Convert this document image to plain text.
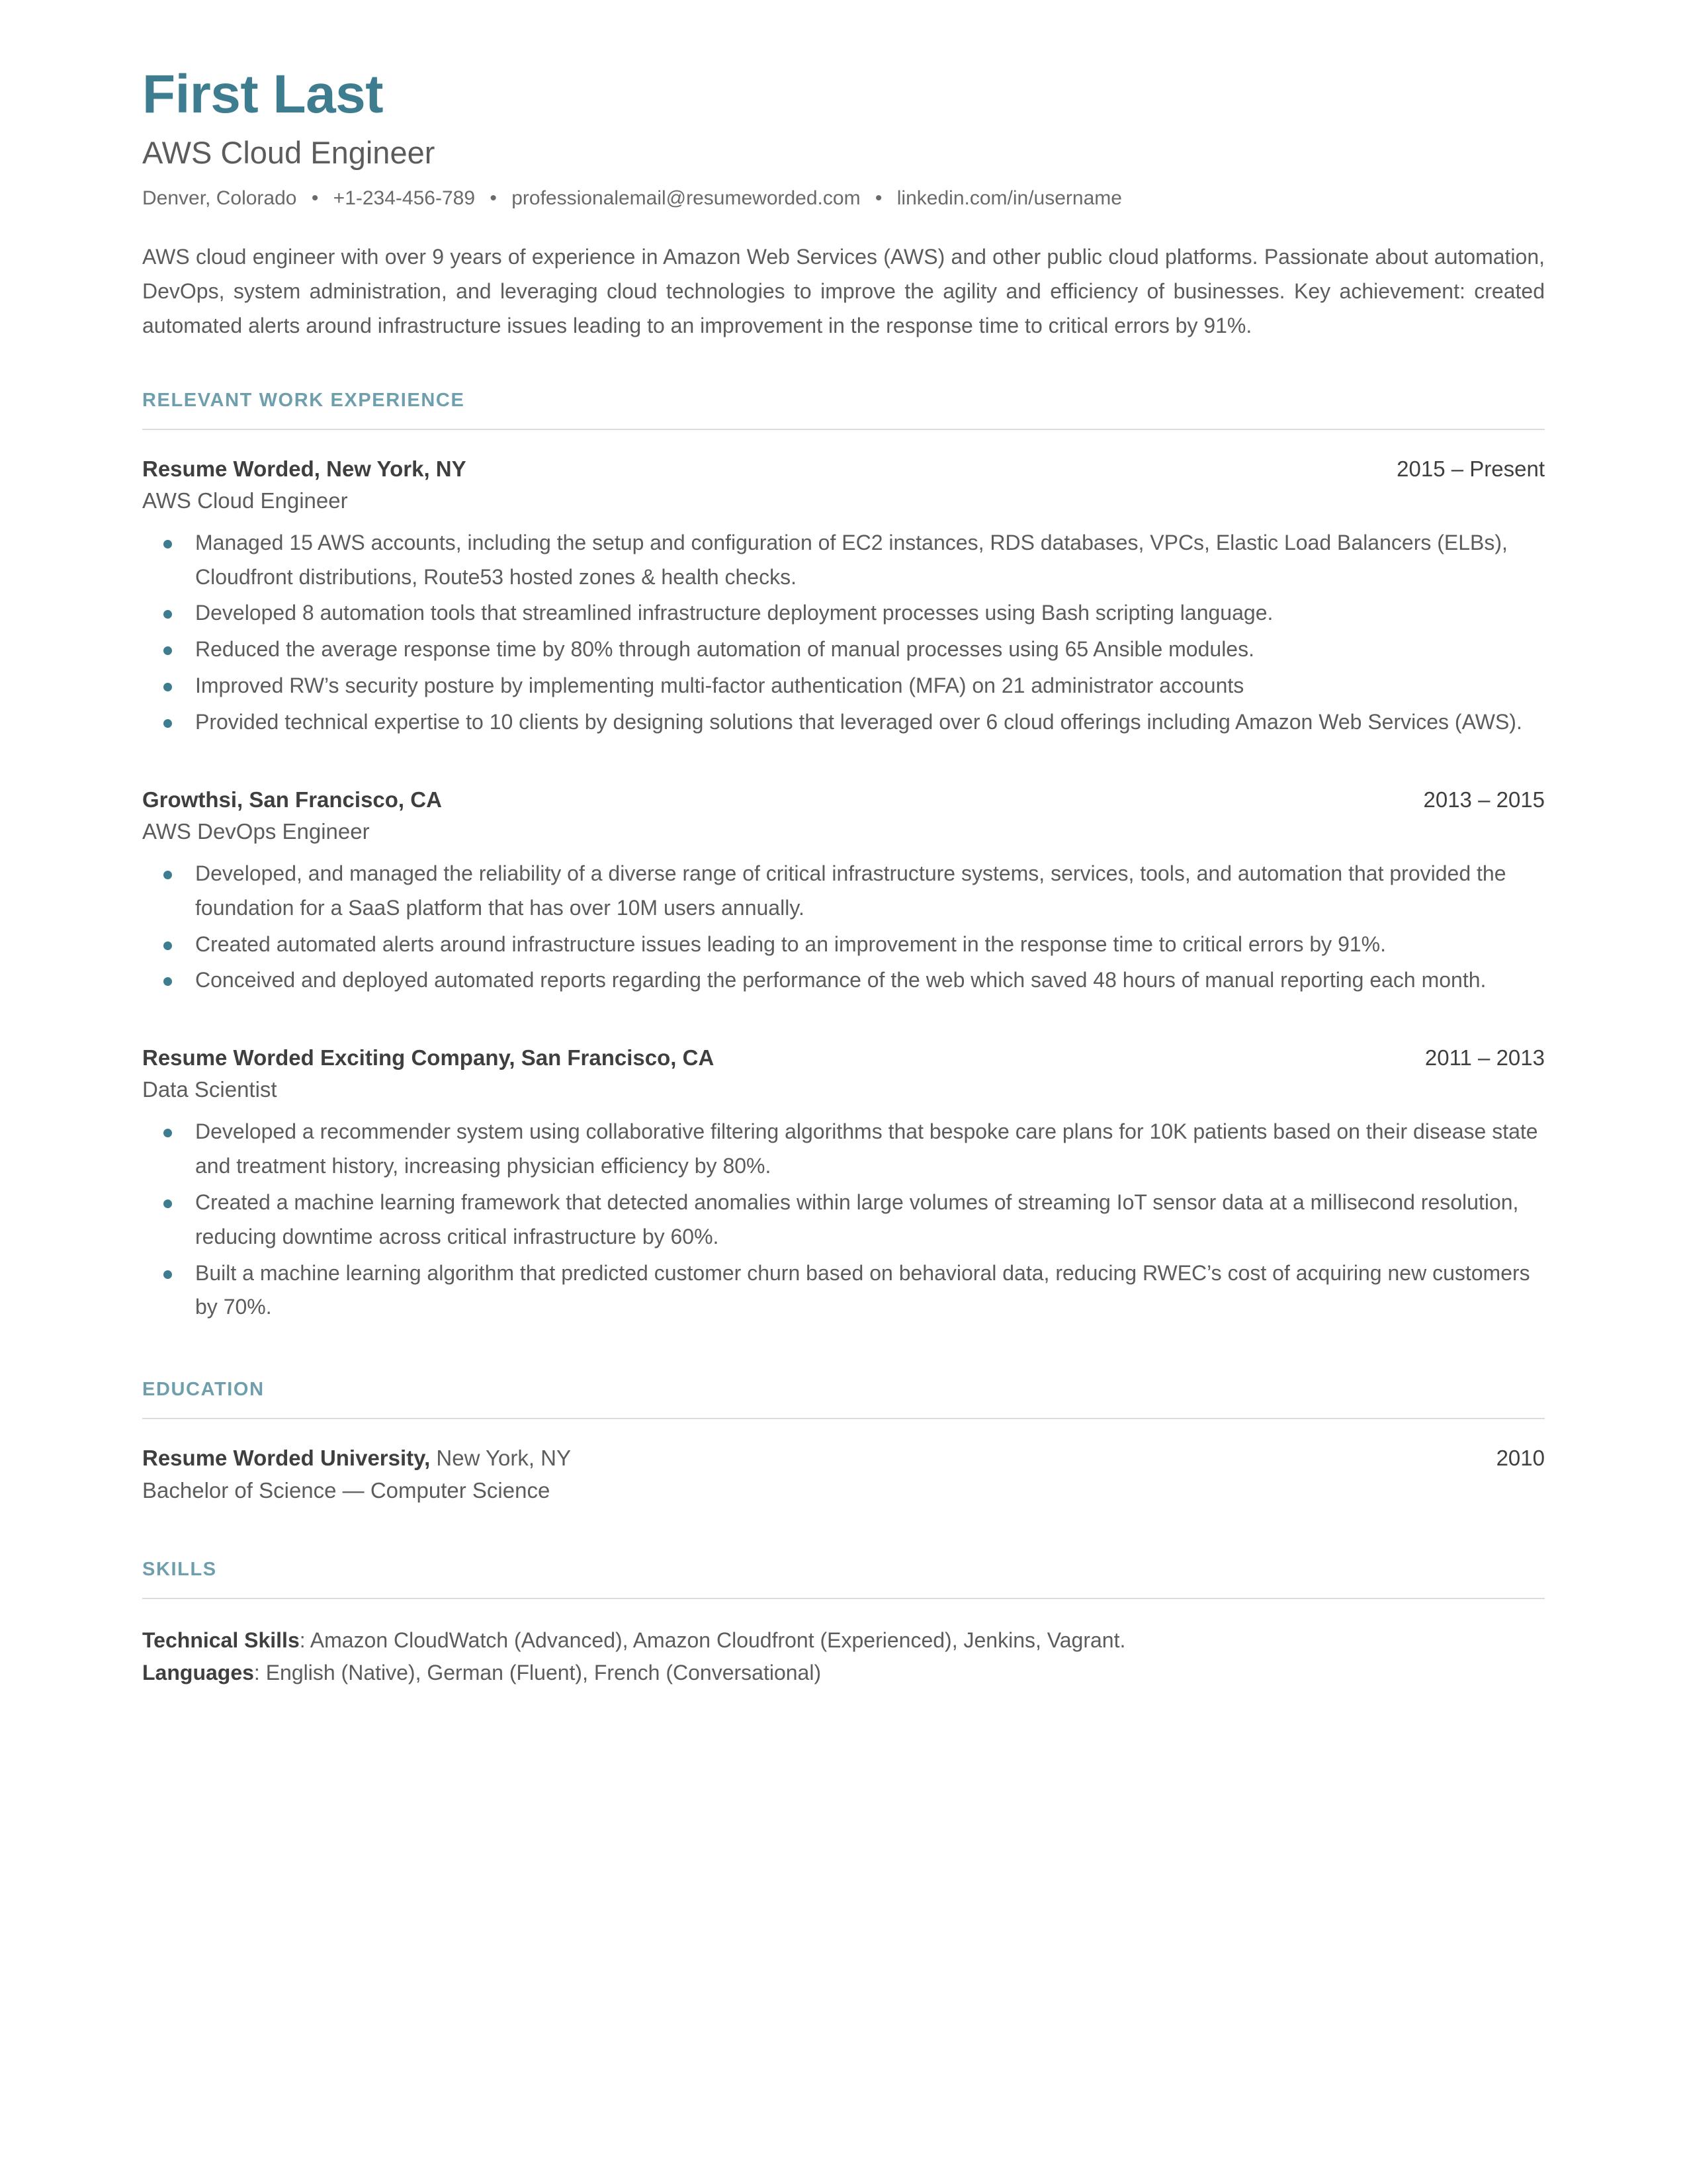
First Last
AWS Cloud Engineer
Denver, Colorado • +1-234-456-789 • professionalemail@resumeworded.com • linkedin.com/in/username

AWS cloud engineer with over 9 years of experience in Amazon Web Services (AWS) and other public cloud platforms. Passionate about automation, DevOps, system administration, and leveraging cloud technologies to improve the agility and efficiency of businesses. Key achievement: created automated alerts around infrastructure issues leading to an improvement in the response time to critical errors by 91%.

RELEVANT WORK EXPERIENCE
Resume Worded, New York, NY	2015 – Present
AWS Cloud Engineer
Managed 15 AWS accounts, including the setup and configuration of EC2 instances, RDS databases, VPCs, Elastic Load Balancers (ELBs), Cloudfront distributions, Route53 hosted zones & health checks.
Developed 8 automation tools that streamlined infrastructure deployment processes using Bash scripting language.
Reduced the average response time by 80% through automation of manual processes using 65 Ansible modules.
Improved RW’s security posture by implementing multi-factor authentication (MFA) on 21 administrator accounts
Provided technical expertise to 10 clients by designing solutions that leveraged over 6 cloud offerings including Amazon Web Services (AWS).
Growthsi, San Francisco, CA	2013 – 2015
AWS DevOps Engineer
Developed, and managed the reliability of a diverse range of critical infrastructure systems, services, tools, and automation that provided the foundation for a SaaS platform that has over 10M users annually.
Created automated alerts around infrastructure issues leading to an improvement in the response time to critical errors by 91%.
Conceived and deployed automated reports regarding the performance of the web which saved 48 hours of manual reporting each month.
Resume Worded Exciting Company, San Francisco, CA	2011 – 2013
Data Scientist
Developed a recommender system using collaborative filtering algorithms that bespoke care plans for 10K patients based on their disease state and treatment history, increasing physician efficiency by 80%.
Created a machine learning framework that detected anomalies within large volumes of streaming IoT sensor data at a millisecond resolution, reducing downtime across critical infrastructure by 60%.
Built a machine learning algorithm that predicted customer churn based on behavioral data, reducing RWEC’s cost of acquiring new customers by 70%.
EDUCATION
Resume Worded University, New York, NY	2010
Bachelor of Science — Computer Science
SKILLS
Technical Skills: Amazon CloudWatch (Advanced), Amazon Cloudfront (Experienced), Jenkins, Vagrant.
Languages: English (Native), German (Fluent), French (Conversational)
